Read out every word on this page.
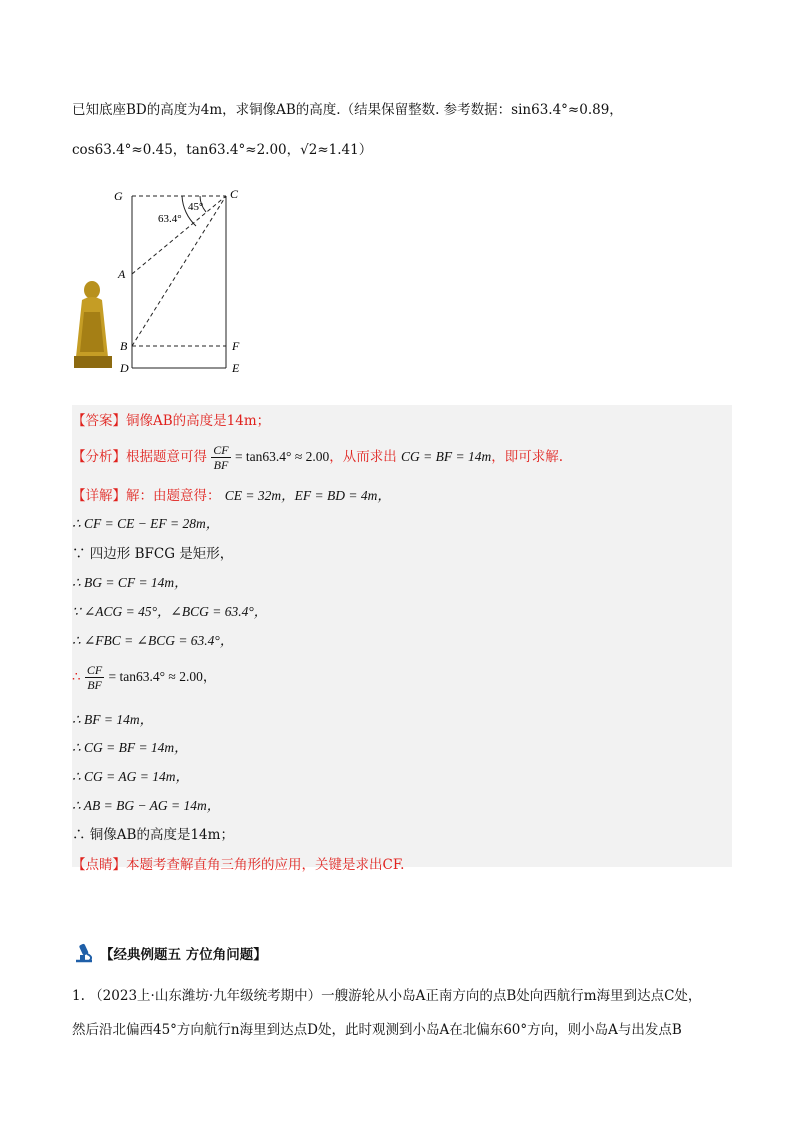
已知底座BD的高度为4m，求铜像AB的高度.（结果保留整数. 参考数据：sin63.4°≈0.89，
cos63.4°≈0.45，tan63.4°≈2.00，√2≈1.41）
G	C
A
B	F
D	E
45°
63.4°
【答案】铜像AB的高度是14m；
【分析】根据题意可得 $\frac{CF}{BF} = \tan 63.4^\circ \approx 2.00$，从而求出 CG = BF = 14m，即可求解.
【详解】解：由题意得： CE = 32m，EF = BD = 4m，
∴ CF = CE − EF = 28m，
∵ 四边形 BFCG 是矩形，
∴ BG = CF = 14m，
∵ ∠ACG = 45°，∠BCG = 63.4°，
∴ ∠FBC = ∠BCG = 63.4°，
∴ $\frac{CF}{BF} = \tan 63.4^\circ \approx 2.00$，
∴ BF = 14m，
∴ CG = BF = 14m，
∴ CG = AG = 14m，
∴ AB = BG − AG = 14m，
∴ 铜像AB的高度是14m；
【点睛】本题考查解直角三角形的应用，关键是求出CF.
【经典例题五 方位角问题】
1. （2023上·山东潍坊·九年级统考期中）一艘游轮从小岛A正南方向的点B处向西航行m海里到达点C处，
然后沿北偏西45°方向航行n海里到达点D处，此时观测到小岛A在北偏东60°方向，则小岛A与出发点B
